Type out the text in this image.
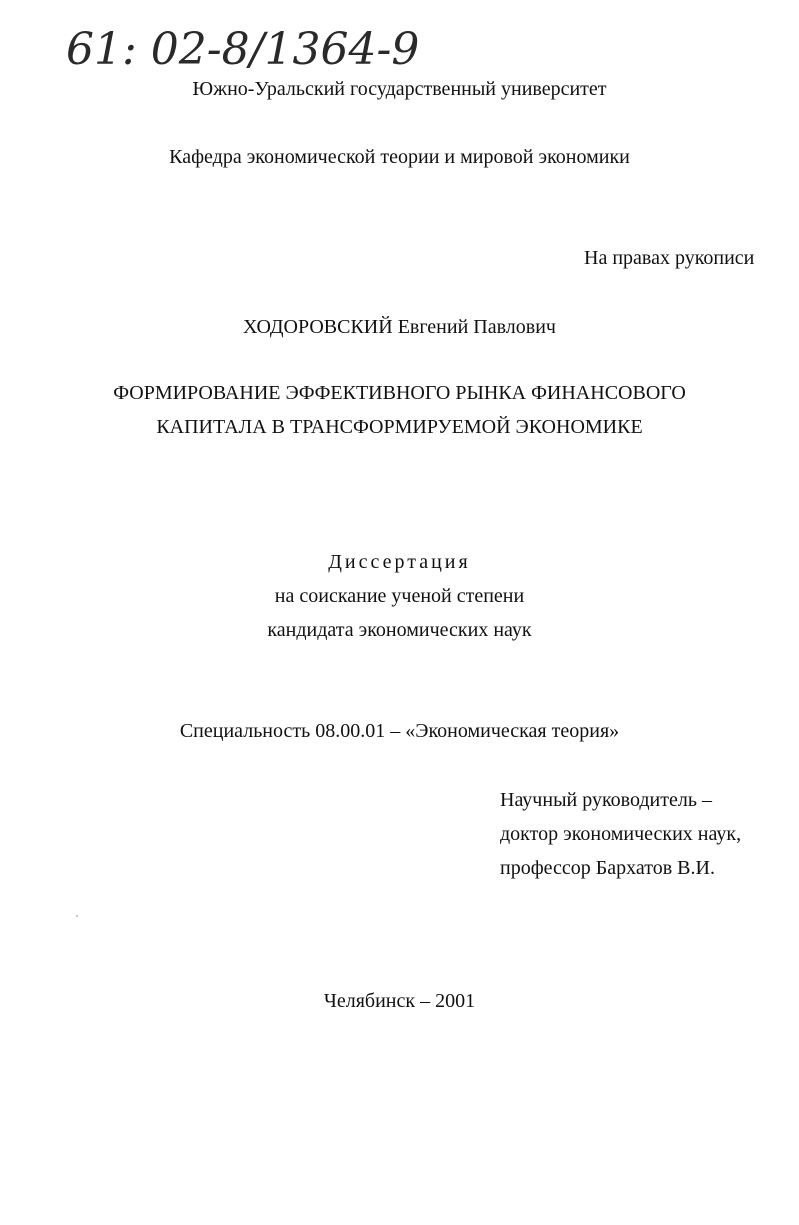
61: 02-8/1364-9
Южно-Уральский государственный университет
Кафедра экономической теории и мировой экономики
На правах рукописи
ХОДОРОВСКИЙ Евгений Павлович
ФОРМИРОВАНИЕ ЭФФЕКТИВНОГО РЫНКА ФИНАНСОВОГО
КАПИТАЛА В ТРАНСФОРМИРУЕМОЙ ЭКОНОМИКЕ
Диссертация
на соискание ученой степени
кандидата экономических наук
Специальность 08.00.01 – «Экономическая теория»
Научный руководитель –
доктор экономических наук,
профессор Бархатов В.И.
Челябинск – 2001
